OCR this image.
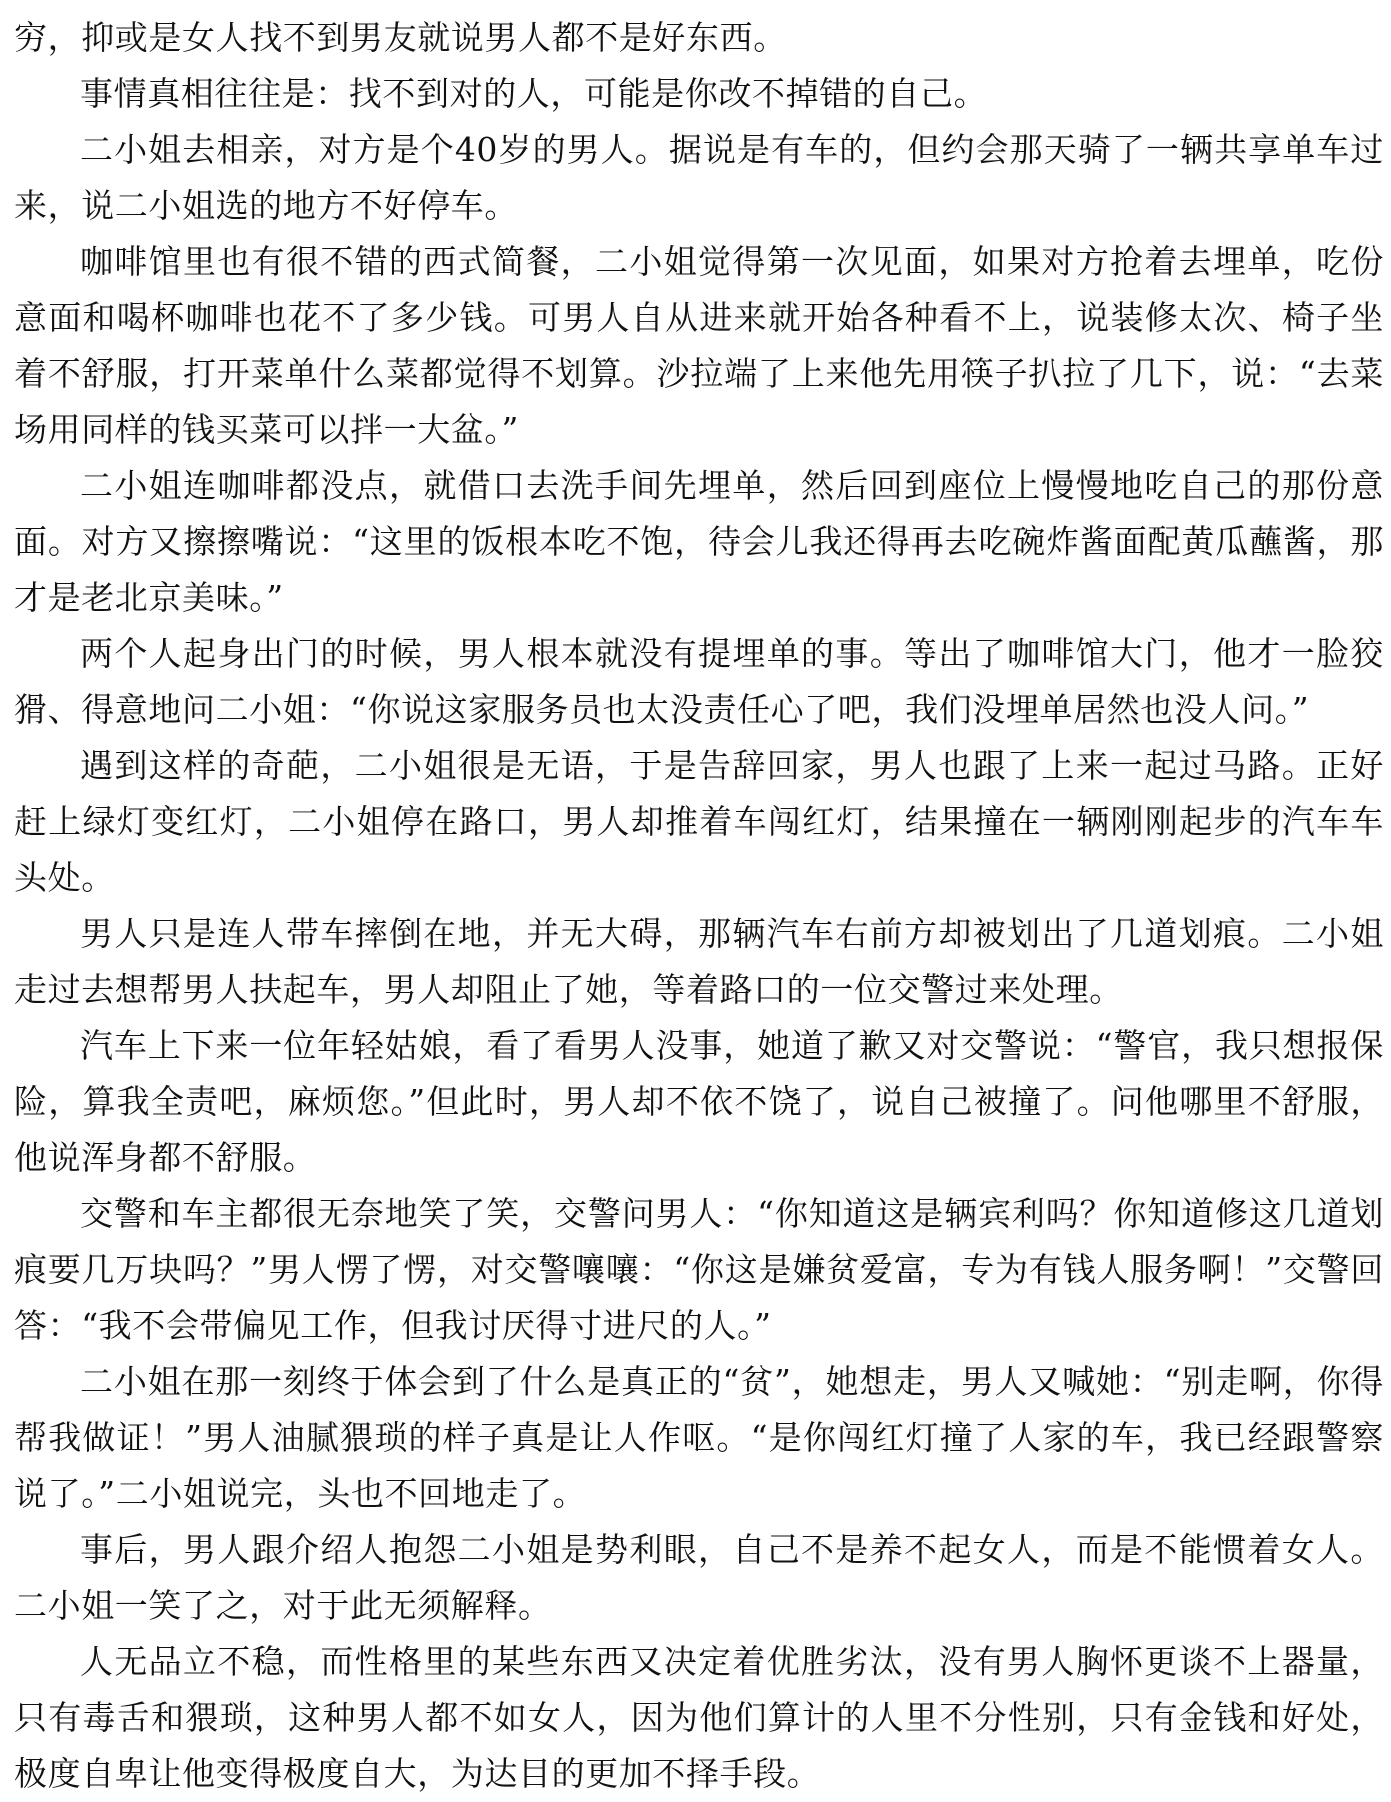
穷，抑或是女人找不到男友就说男人都不是好东西。

事情真相往往是：找不到对的人，可能是你改不掉错的自己。

二小姐去相亲，对方是个40岁的男人。据说是有车的，但约会那天骑了一辆共享单车过来，说二小姐选的地方不好停车。

咖啡馆里也有很不错的西式简餐，二小姐觉得第一次见面，如果对方抢着去埋单，吃份意面和喝杯咖啡也花不了多少钱。可男人自从进来就开始各种看不上，说装修太次、椅子坐着不舒服，打开菜单什么菜都觉得不划算。沙拉端了上来他先用筷子扒拉了几下，说：“去菜场用同样的钱买菜可以拌一大盆。”

二小姐连咖啡都没点，就借口去洗手间先埋单，然后回到座位上慢慢地吃自己的那份意面。对方又擦擦嘴说：“这里的饭根本吃不饱，待会儿我还得再去吃碗炸酱面配黄瓜蘸酱，那才是老北京美味。”

两个人起身出门的时候，男人根本就没有提埋单的事。等出了咖啡馆大门，他才一脸狡猾、得意地问二小姐：“你说这家服务员也太没责任心了吧，我们没埋单居然也没人问。”

遇到这样的奇葩，二小姐很是无语，于是告辞回家，男人也跟了上来一起过马路。正好赶上绿灯变红灯，二小姐停在路口，男人却推着车闯红灯，结果撞在一辆刚刚起步的汽车车头处。

男人只是连人带车摔倒在地，并无大碍，那辆汽车右前方却被划出了几道划痕。二小姐走过去想帮男人扶起车，男人却阻止了她，等着路口的一位交警过来处理。

汽车上下来一位年轻姑娘，看了看男人没事，她道了歉又对交警说：“警官，我只想报保险，算我全责吧，麻烦您。”但此时，男人却不依不饶了，说自己被撞了。问他哪里不舒服，他说浑身都不舒服。

交警和车主都很无奈地笑了笑，交警问男人：“你知道这是辆宾利吗？你知道修这几道划痕要几万块吗？”男人愣了愣，对交警嚷嚷：“你这是嫌贫爱富，专为有钱人服务啊！”交警回答：“我不会带偏见工作，但我讨厌得寸进尺的人。”

二小姐在那一刻终于体会到了什么是真正的“贫”，她想走，男人又喊她：“别走啊，你得帮我做证！”男人油腻猥琐的样子真是让人作呕。“是你闯红灯撞了人家的车，我已经跟警察说了。”二小姐说完，头也不回地走了。

事后，男人跟介绍人抱怨二小姐是势利眼，自己不是养不起女人，而是不能惯着女人。二小姐一笑了之，对于此无须解释。

人无品立不稳，而性格里的某些东西又决定着优胜劣汰，没有男人胸怀更谈不上器量，只有毒舌和猥琐，这种男人都不如女人，因为他们算计的人里不分性别，只有金钱和好处，极度自卑让他变得极度自大，为达目的更加不择手段。
